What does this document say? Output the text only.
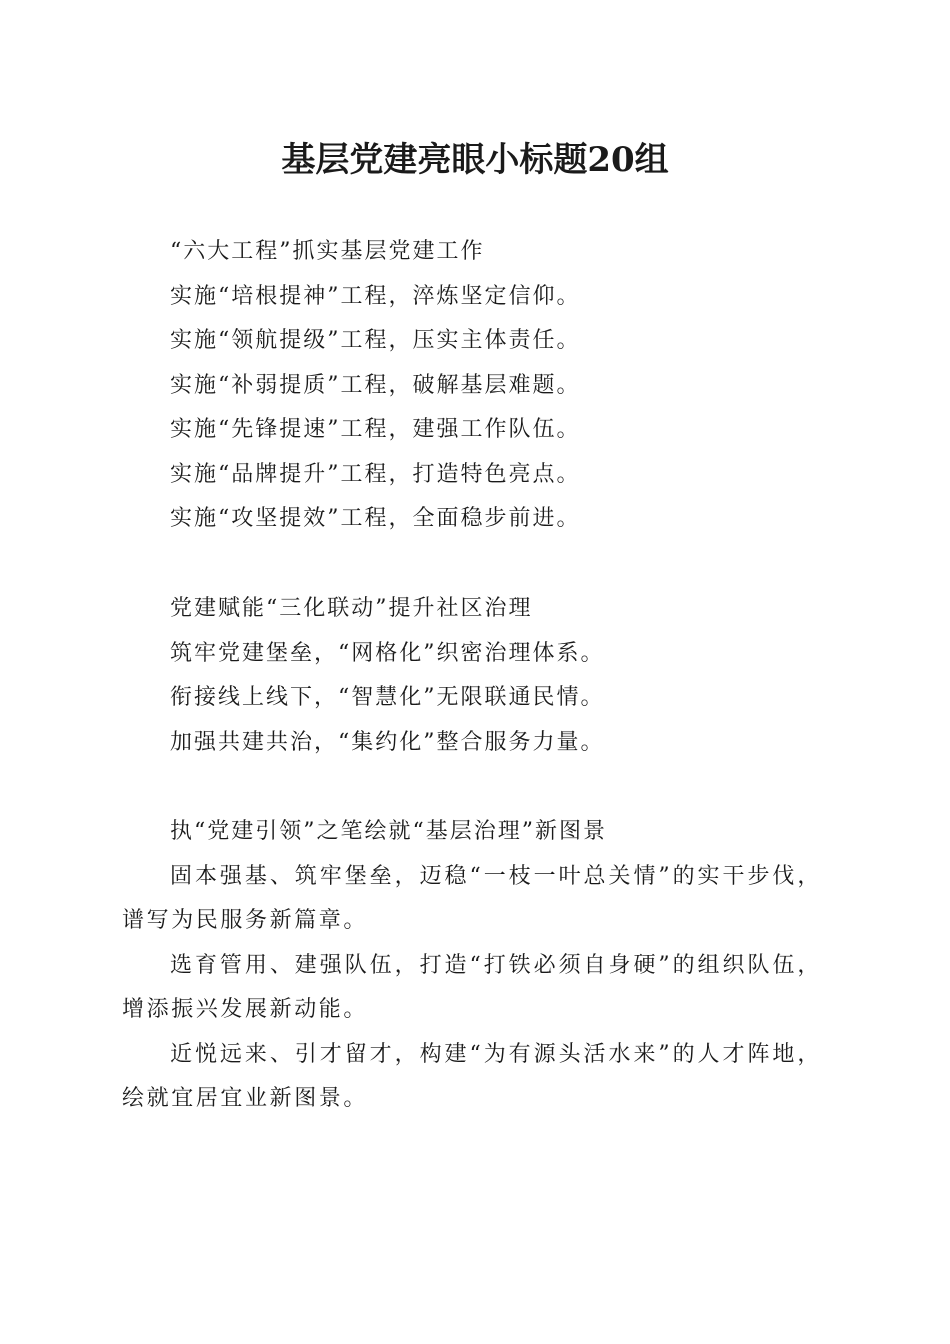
基层党建亮眼小标题20组
“六大工程”抓实基层党建工作
实施“培根提神”工程，淬炼坚定信仰。
实施“领航提级”工程，压实主体责任。
实施“补弱提质”工程，破解基层难题。
实施“先锋提速”工程，建强工作队伍。
实施“品牌提升”工程，打造特色亮点。
实施“攻坚提效”工程，全面稳步前进。
党建赋能“三化联动”提升社区治理
筑牢党建堡垒，“网格化”织密治理体系。
衔接线上线下，“智慧化”无限联通民情。
加强共建共治，“集约化”整合服务力量。
执“党建引领”之笔绘就“基层治理”新图景
固本强基、筑牢堡垒，迈稳“一枝一叶总关情”的实干步伐，谱写为民服务新篇章。
选育管用、建强队伍，打造“打铁必须自身硬”的组织队伍，增添振兴发展新动能。
近悦远来、引才留才，构建“为有源头活水来”的人才阵地，绘就宜居宜业新图景。
